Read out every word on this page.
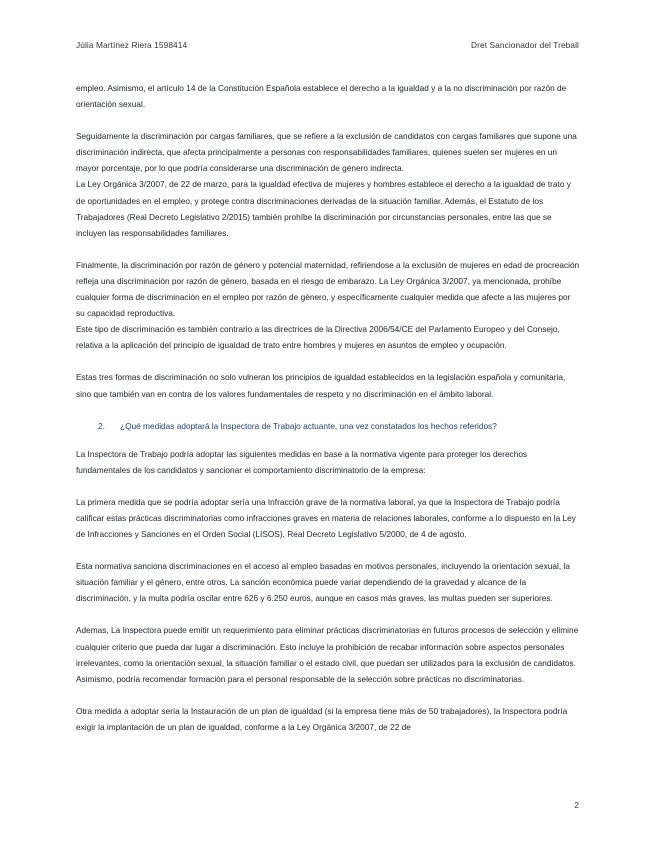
Júlia Martínez Riera 1598414	Dret Sancionador del Treball

empleo. Asimismo, el artículo 14 de la Constitución Española establece el derecho a la igualdad y a la no discriminación por razón de orientación sexual.

Seguidamente la discriminación por cargas familiares, que se refiere a la exclusión de candidatos con cargas familiares que supone una discriminación indirecta, que afecta principalmente a personas con responsabilidades familiares, quienes suelen ser mujeres en un mayor porcentaje, por lo que podría considerarse una discriminación de género indirecta.

La Ley Orgánica 3/2007, de 22 de marzo, para la igualdad efectiva de mujeres y hombres establece el derecho a la igualdad de trato y de oportunidades en el empleo, y protege contra discriminaciones derivadas de la situación familiar. Además, el Estatuto de los Trabajadores (Real Decreto Legislativo 2/2015) también prohíbe la discriminación por circunstancias personales, entre las que se incluyen las responsabilidades familiares.

Finalmente, la discriminación por razón de género y potencial maternidad, refiriendose a la exclusión de mujeres en edad de procreación refleja una discriminación por razón de género, basada en el riesgo de embarazo. La Ley Orgánica 3/2007, ya mencionada, prohíbe cualquier forma de discriminación en el empleo por razón de género, y específicamente cualquier medida que afecte a las mujeres por su capacidad reproductiva.

Este tipo de discriminación es también contrario a las directrices de la Directiva 2006/54/CE del Parlamento Europeo y del Consejo, relativa a la aplicación del principio de igualdad de trato entre hombres y mujeres en asuntos de empleo y ocupación.

Estas tres formas de discriminación no solo vulneran los principios de igualdad establecidos en la legislación española y comunitaria, sino que también van en contra de los valores fundamentales de respeto y no discriminación en el ámbito laboral.

2.	¿Qué medidas adoptará la Inspectora de Trabajo actuante, una vez constatados los hechos referidos?

La Inspectora de Trabajo podría adoptar las siguientes medidas en base a la normativa vigente para proteger los derechos fundamentales de los candidatos y sancionar el comportamiento discriminatorio de la empresa:

La primera medida que se podría adoptar sería una Infracción grave de la normativa laboral, ya que la Inspectora de Trabajo podría calificar estas prácticas discriminatorias como infracciones graves en materia de relaciones laborales, conforme a lo dispuesto en la Ley de Infracciones y Sanciones en el Orden Social (LISOS), Real Decreto Legislativo 5/2000, de 4 de agosto.

Esta normativa sanciona discriminaciones en el acceso al empleo basadas en motivos personales, incluyendo la orientación sexual, la situación familiar y el género, entre otros. La sanción económica puede variar dependiendo de la gravedad y alcance de la discriminación, y la multa podría oscilar entre 626 y 6.250 euros, aunque en casos más graves, las multas pueden ser superiores.

Ademas, La Inspectora puede emitir un requerimiento para eliminar prácticas discriminatorias en futuros procesos de selección y elimine cualquier criterio que pueda dar lugar a discriminación. Esto incluye la prohibición de recabar información sobre aspectos personales irrelevantes, como la orientación sexual, la situación familiar o el estado civil, que puedan ser utilizados para la exclusión de candidatos. Asimismo, podría recomendar formación para el personal responsable de la selección sobre prácticas no discriminatorias.

Otra medida a adoptar sería la Instauración de un plan de igualdad (si la empresa tiene más de 50 trabajadores), la Inspectora podría exigir la implantación de un plan de igualdad, conforme a la Ley Orgánica 3/2007, de 22 de

2
